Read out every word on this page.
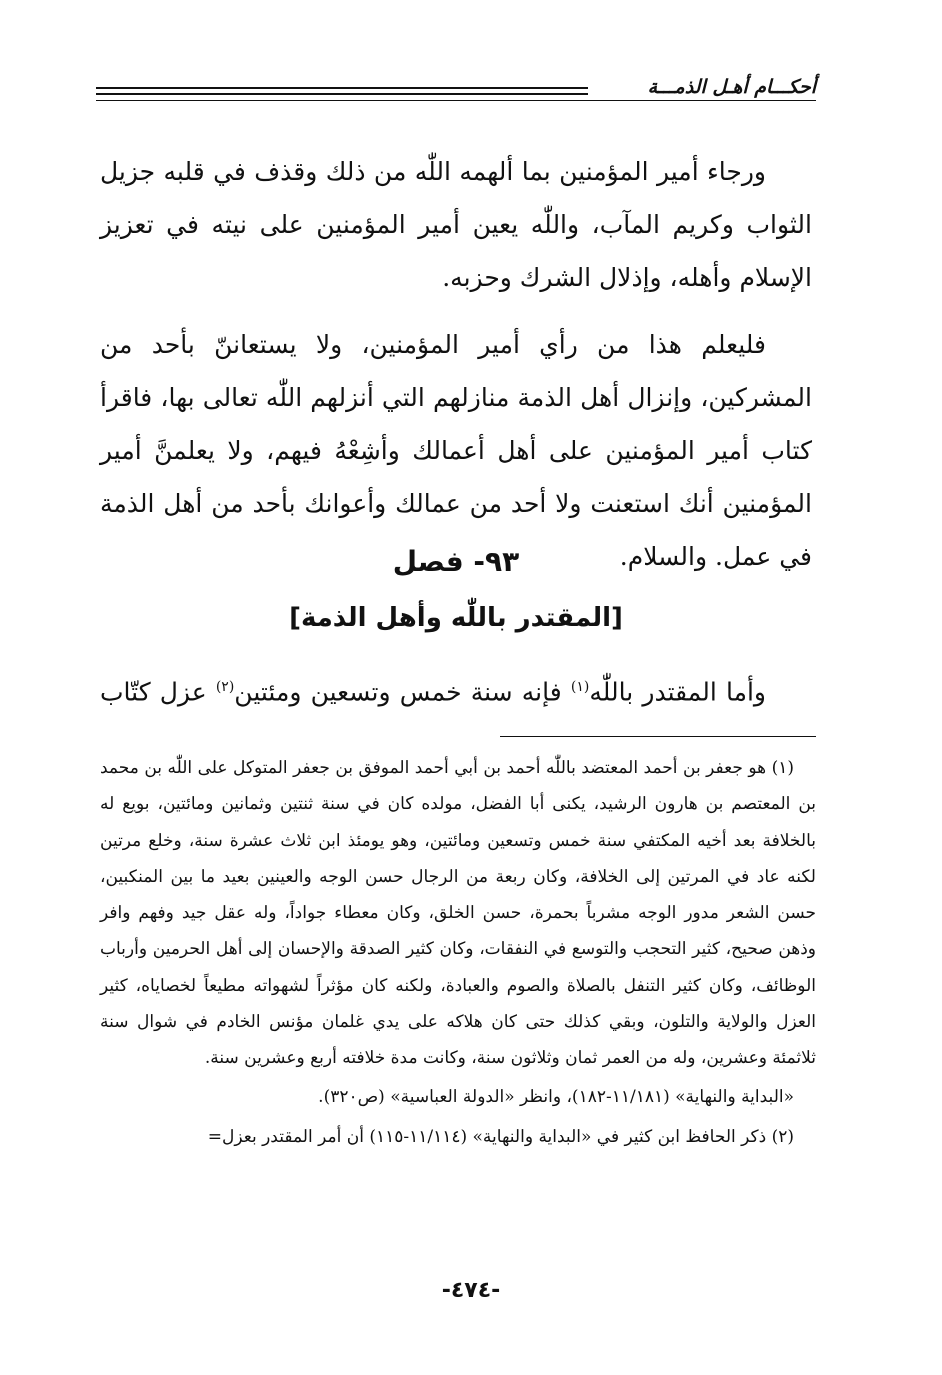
أحكـــام أهـل الذمـــة

ورجاء أمير المؤمنين بما ألهمه اللّٰه من ذلك وقذف في قلبه جزيل الثواب وكريم المآب، واللّٰه يعين أمير المؤمنين على نيته في تعزيز الإسلام وأهله، وإذلال الشرك وحزبه.

فليعلم هذا من رأي أمير المؤمنين، ولا يستعاننّ بأحد من المشركين، وإنزال أهل الذمة منازلهم التي أنزلهم اللّٰه تعالى بها، فاقرأ كتاب أمير المؤمنين على أهل أعمالك وأشِعْهُ فيهم، ولا يعلمنَّ أمير المؤمنين أنك استعنت ولا أحد من عمالك وأعوانك بأحد من أهل الذمة في عمل. والسلام.

٩٣- فصل
[المقتدر باللّٰه وأهل الذمة]
وأما المقتدر باللّٰه$^{(١)}$ فإنه سنة خمس وتسعين ومئتين$^{(٢)}$ عزل كتّاب

(١) هو جعفر بن أحمد المعتضد باللّٰه أحمد بن أبي أحمد الموفق بن جعفر المتوكل على اللّٰه بن محمد بن المعتصم بن هارون الرشيد، يكنى أبا الفضل، مولده كان في سنة ثنتين وثمانين ومائتين، بويع له بالخلافة بعد أخيه المكتفي سنة خمس وتسعين ومائتين، وهو يومئذ ابن ثلاث عشرة سنة، وخلع مرتين لكنه عاد في المرتين إلى الخلافة، وكان ربعة من الرجال حسن الوجه والعينين بعيد ما بين المنكبين، حسن الشعر مدور الوجه مشرباً بحمرة، حسن الخلق، وكان معطاء جواداً، وله عقل جيد وفهم وافر وذهن صحيح، كثير التحجب والتوسع في النفقات، وكان كثير الصدقة والإحسان إلى أهل الحرمين وأرباب الوظائف، وكان كثير التنفل بالصلاة والصوم والعبادة، ولكنه كان مؤثراً لشهواته مطيعاً لخصاياه، كثير العزل والولاية والتلون، وبقي كذلك حتى كان هلاكه على يدي غلمان مؤنس الخادم في شوال سنة ثلاثمئة وعشرين، وله من العمر ثمان وثلاثون سنة، وكانت مدة خلافته أربع وعشرين سنة.

«البداية والنهاية» (١١/١٨١-١٨٢)، وانظر «الدولة العباسية» (ص٣٢٠).

(٢) ذكر الحافظ ابن كثير في «البداية والنهاية» (١١/١١٤-١١٥) أن أمر المقتدر بعزل=

-٤٧٤-
